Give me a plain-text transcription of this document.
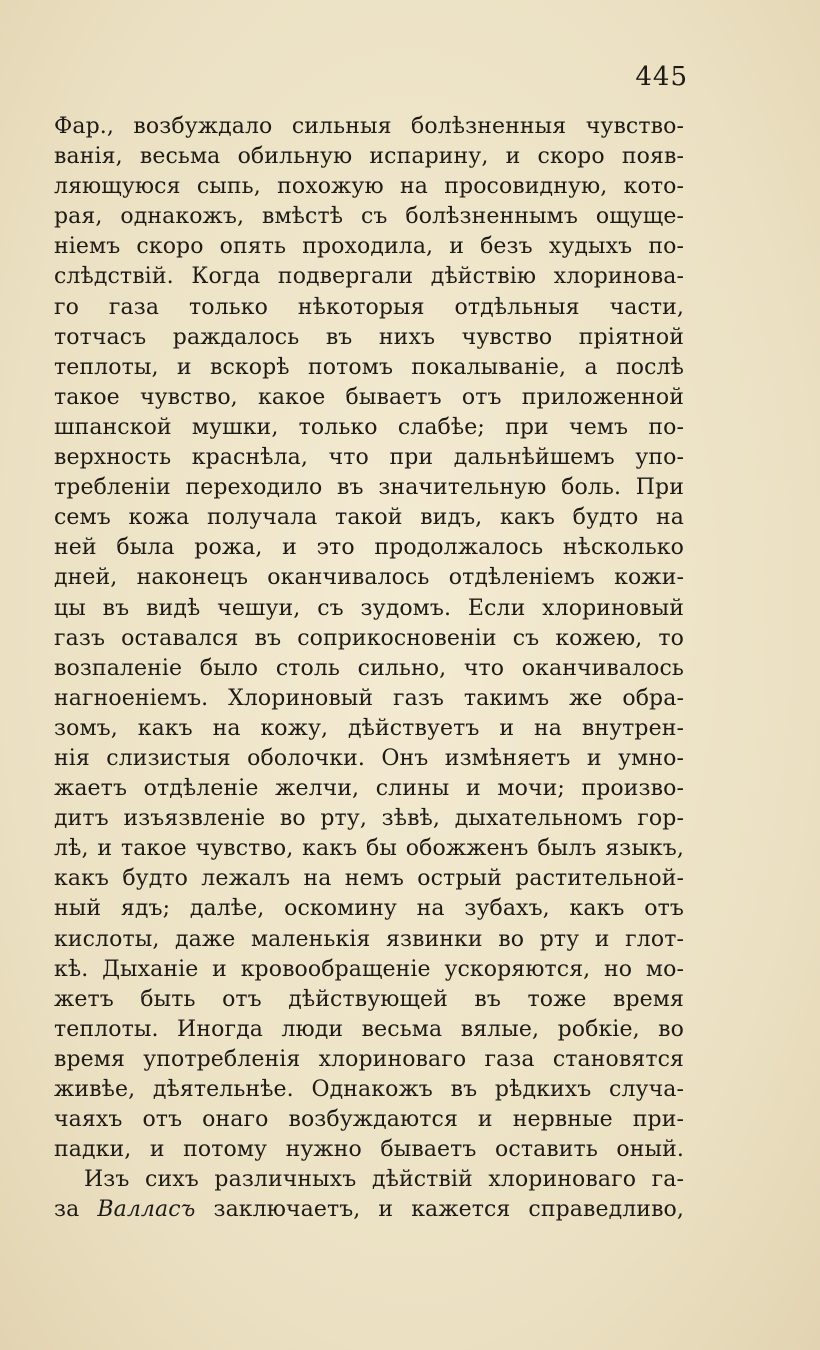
445
Фар., возбуждало сильныя болѣзненныя чувство-
ванія, весьма обильную испарину, и скоро появ-
ляющуюся сыпь, похожую на просовидную, кото-
рая, однакожъ, вмѣстѣ съ болѣзненнымъ ощуще-
ніемъ скоро опять проходила, и безъ худыхъ по-
слѣдствій. Когда подвергали дѣйствію хлоринова-
го газа только нѣкоторыя отдѣльныя части,
тотчасъ раждалось въ нихъ чувство пріятной
теплоты, и вскорѣ потомъ покалываніе, а послѣ
такое чувство, какое бываетъ отъ приложенной
шпанской мушки, только слабѣе; при чемъ по-
верхность краснѣла, что при дальнѣйшемъ упо-
требленіи переходило въ значительную боль. При
семъ кожа получала такой видъ, какъ будто на
ней была рожа, и это продолжалось нѣсколько
дней, наконецъ оканчивалось отдѣленіемъ кожи-
цы въ видѣ чешуи, съ зудомъ. Если хлориновый
газъ оставался въ соприкосновеніи съ кожею, то
возпаленіе было столь сильно, что оканчивалось
нагноеніемъ. Хлориновый газъ такимъ же обра-
зомъ, какъ на кожу, дѣйствуетъ и на внутрен-
нія слизистыя оболочки. Онъ измѣняетъ и умно-
жаетъ отдѣленіе желчи, слины и мочи; произво-
дитъ изъязвленіе во рту, зѣвѣ, дыхательномъ гор-
лѣ, и такое чувство, какъ бы обожженъ былъ языкъ,
какъ будто лежалъ на немъ острый растительной-
ный ядъ; далѣе, оскомину на зубахъ, какъ отъ
кислоты, даже маленькія язвинки во рту и глот-
кѣ. Дыханіе и кровообращеніе ускоряются, но мо-
жетъ быть отъ дѣйствующей въ тоже время
теплоты. Иногда люди весьма вялые, робкіе, во
время употребленія хлориноваго газа становятся
живѣе, дѣятельнѣе. Однакожъ въ рѣдкихъ случа-
чаяхъ отъ онаго возбуждаются и нервные при-
падки, и потому нужно бываетъ оставить оный.
Изъ сихъ различныхъ дѣйствій хлориноваго га-
за Валласъ заключаетъ, и кажется справедливо,
